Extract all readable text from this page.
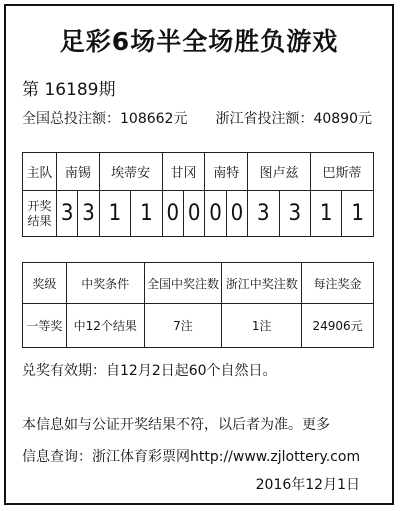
足彩6场半全场胜负游戏
第 16189期
全国总投注额：108662元 浙江省投注额：40890元
主队	南锡		埃蒂安		甘冈		南特		图卢兹		巴斯蒂	
开奖
结果	3	3	1	1	0	0	0	0	3	3	1	1
奖级	中奖条件	全国中奖注数	浙江中奖注数	每注奖金
一等奖	中12个结果	7注	1注	24906元
兑奖有效期：自12月2日起60个自然日。
本信息如与公证开奖结果不符，以后者为准。更多
信息查询：浙江体育彩票网http://www.zjlottery.com
2016年12月1日
